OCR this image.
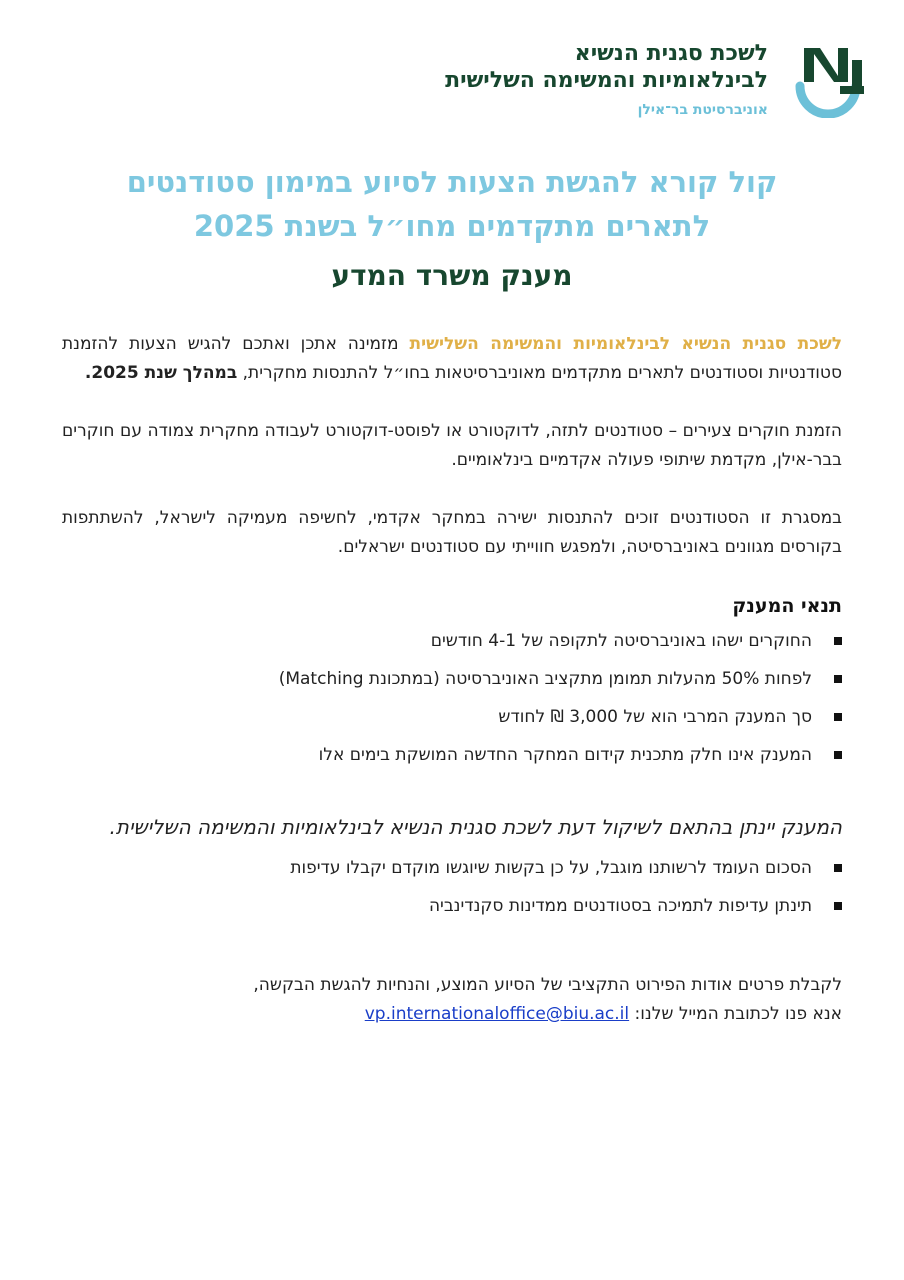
לשכת סגנית הנשיא
לבינלאומיות והמשימה השלישית
אוניברסיטת בר־אילן
קול קורא להגשת הצעות לסיוע במימון סטודנטים
לתארים מתקדמים מחו״ל בשנת 2025
מענק משרד המדע

לשכת סגנית הנשיא לבינלאומיות והמשימה השלישית מזמינה אתכן ואתכם להגיש הצעות להזמנת סטודנטיות וסטודנטים לתארים מתקדמים מאוניברסיטאות בחו״ל להתנסות מחקרית, במהלך שנת 2025.

הזמנת חוקרים צעירים – סטודנטים לתזה, לדוקטורט או לפוסט-דוקטורט לעבודה מחקרית צמודה עם חוקרים בבר-אילן, מקדמת שיתופי פעולה אקדמיים בינלאומיים.

במסגרת זו הסטודנטים זוכים להתנסות ישירה במחקר אקדמי, לחשיפה מעמיקה לישראל, להשתתפות בקורסים מגוונים באוניברסיטה, ולמפגש חווייתי עם סטודנטים ישראלים.

תנאי המענק
החוקרים ישהו באוניברסיטה לתקופה של 4-1 חודשים
לפחות 50% מהעלות תמומן מתקציב האוניברסיטה (במתכונת Matching)
סך המענק המרבי הוא של 3,000 ₪ לחודש
המענק אינו חלק מתכנית קידום המחקר החדשה המושקת בימים אלו
המענק יינתן בהתאם לשיקול דעת לשכת סגנית הנשיא לבינלאומיות והמשימה השלישית.
הסכום העומד לרשותנו מוגבל, על כן בקשות שיוגשו מוקדם יקבלו עדיפות
תינתן עדיפות לתמיכה בסטודנטים ממדינות סקנדינביה
לקבלת פרטים אודות הפירוט התקציבי של הסיוע המוצע, והנחיות להגשת הבקשה,
אנא פנו לכתובת המייל שלנו: vp.internationaloffice@biu.ac.il
